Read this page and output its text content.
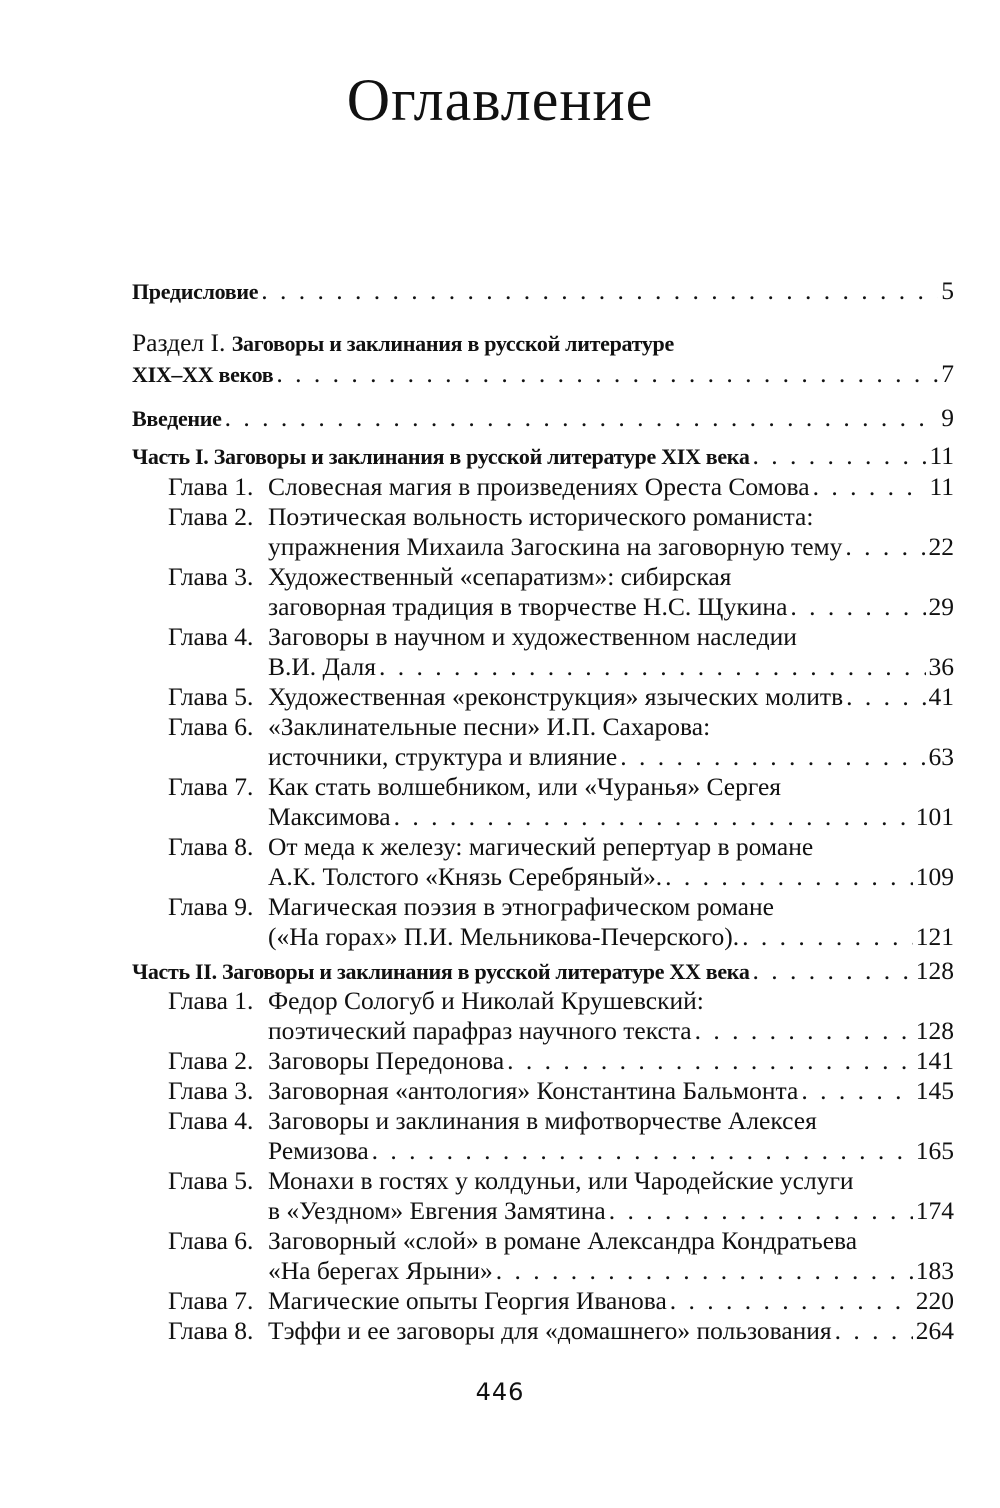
Оглавление
Предисловие . . .	5
Раздел I. Заговоры и заклинания в русской литературе
XIX–XX веков . . .	7
Введение . . .	9
Часть I. Заговоры и заклинания в русской литературе XIX века . . .	11
Глава 1. Словесная магия в произведениях Ореста Сомова . . .	11
Глава 2. Поэтическая вольность исторического романиста:
упражнения Михаила Загоскина на заговорную тему . . .	22
Глава 3. Художественный «сепаратизм»: сибирская
заговорная традиция в творчестве Н.С. Щукина . . .	29
Глава 4. Заговоры в научном и художественном наследии
В.И. Даля . . .	36
Глава 5. Художественная «реконструкция» языческих молитв . . .	41
Глава 6. «Заклинательные песни» И.П. Сахарова:
источники, структура и влияние . . .	63
Глава 7. Как стать волшебником, или «Чуранья» Сергея
Максимова . . .	101
Глава 8. От меда к железу: магический репертуар в романе
А.К. Толстого «Князь Серебряный». . . .	109
Глава 9. Магическая поэзия в этнографическом романе
(«На горах» П.И. Мельникова-Печерского). . . .	121
Часть II. Заговоры и заклинания в русской литературе XX века . . .	128
Глава 1. Федор Сологуб и Николай Крушевский:
поэтический парафраз научного текста . . .	128
Глава 2. Заговоры Передонова . . .	141
Глава 3. Заговорная «антология» Константина Бальмонта . . .	145
Глава 4. Заговоры и заклинания в мифотворчестве Алексея
Ремизова . . .	165
Глава 5. Монахи в гостях у колдуньи, или Чародейские услуги
в «Уездном» Евгения Замятина . . .	174
Глава 6. Заговорный «слой» в романе Александра Кондратьева
«На берегах Ярыни» . . .	183
Глава 7. Магические опыты Георгия Иванова . . .	220
Глава 8. Тэффи и ее заговоры для «домашнего» пользования . . .	264
446
